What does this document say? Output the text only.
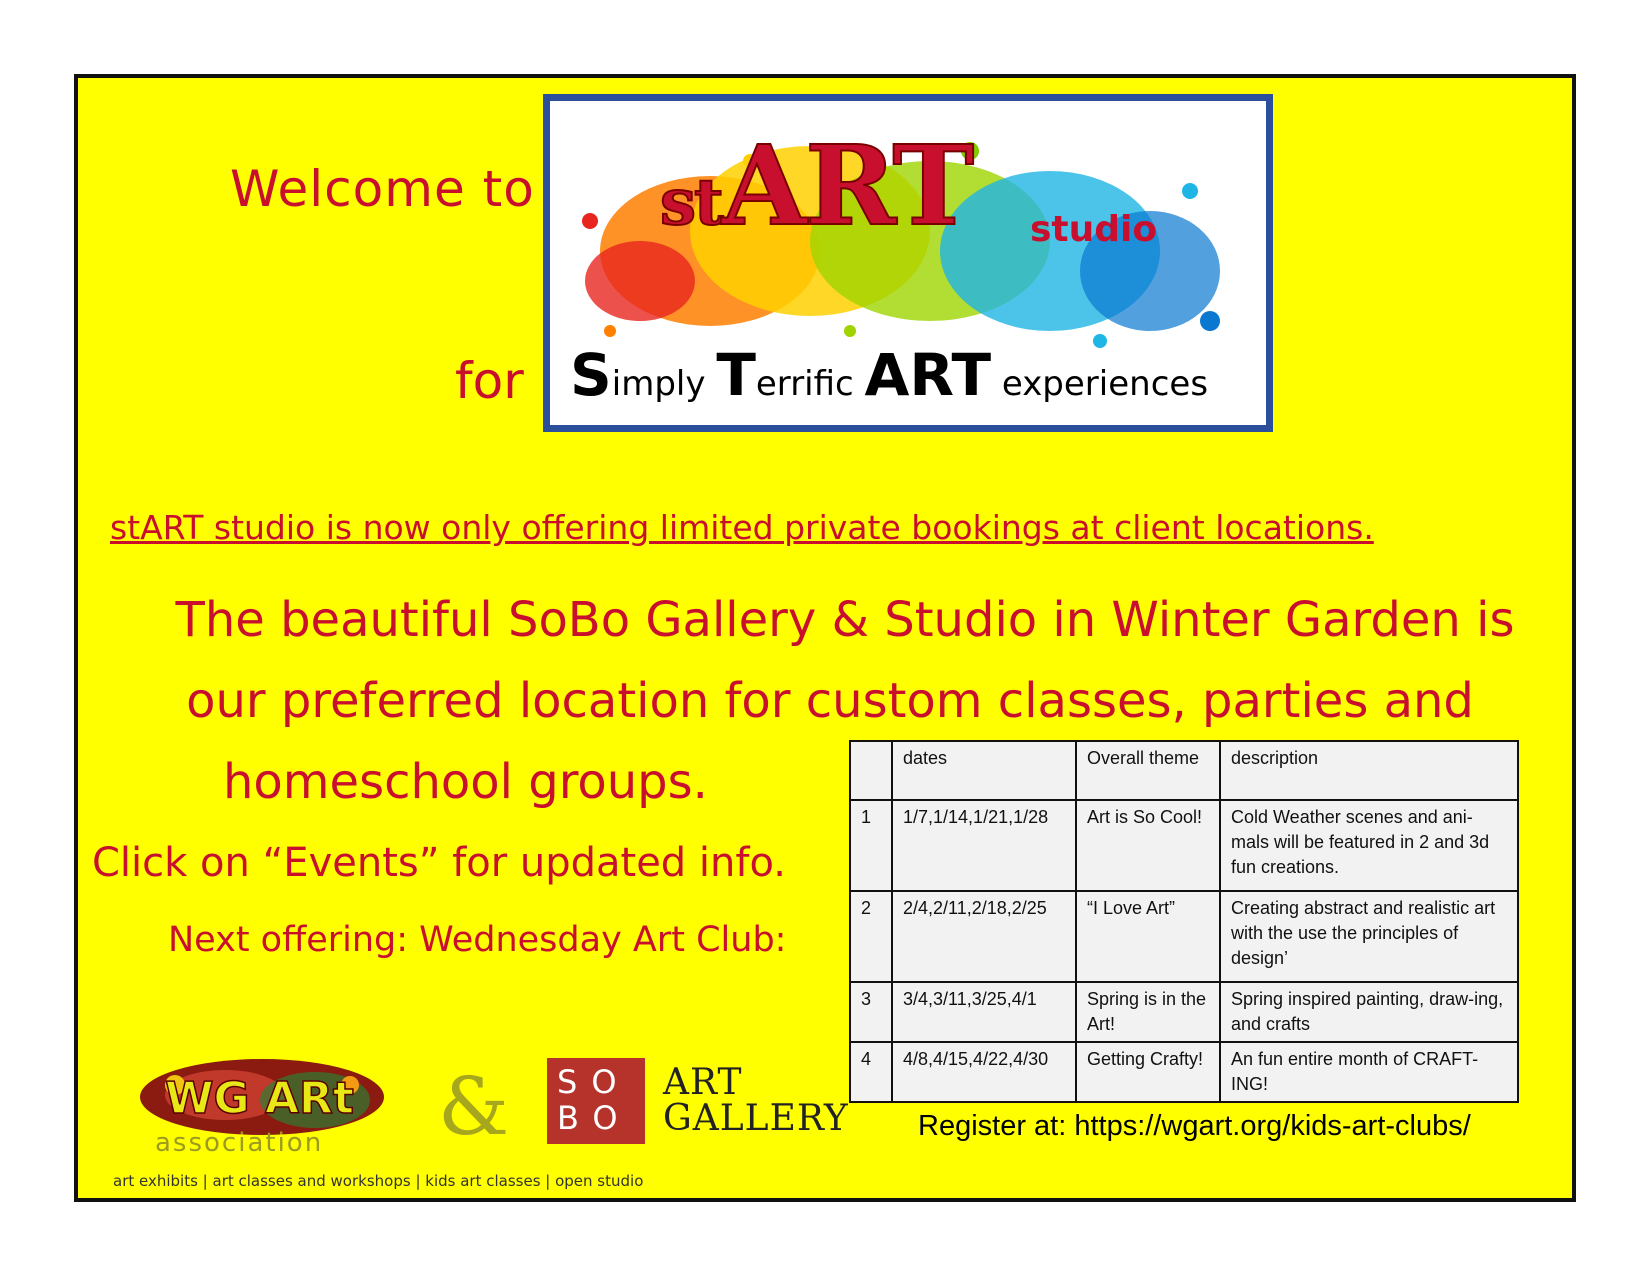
Welcome to
for
stART studio
Simply Terrific ART experiences
stART studio is now only offering limited private bookings at client locations.
The beautiful SoBo Gallery & Studio in Winter Garden is
our preferred location for custom classes, parties and
homeschool groups.
Click on “Events” for updated info.
Next offering: Wednesday Art Club:
	dates	Overall theme	description
1	1/7,1/14,1/21,1/28	Art is So Cool!	Cold Weather scenes and ani-mals will be featured in 2 and 3d fun creations.
2	2/4,2/11,2/18,2/25	“I Love Art”	Creating abstract and realistic art with the use the principles of design’
3	3/4,3/11,3/25,4/1	Spring is in the Art!	Spring inspired painting, draw-ing, and crafts
4	4/8,4/15,4/22,4/30	Getting Crafty!	An fun entire month of CRAFT-ING!
Register at: https://wgart.org/kids-art-clubs/
WG ARt
association & SO
BO
ART
GALLERY
art exhibits | art classes and workshops | kids art classes | open studio
